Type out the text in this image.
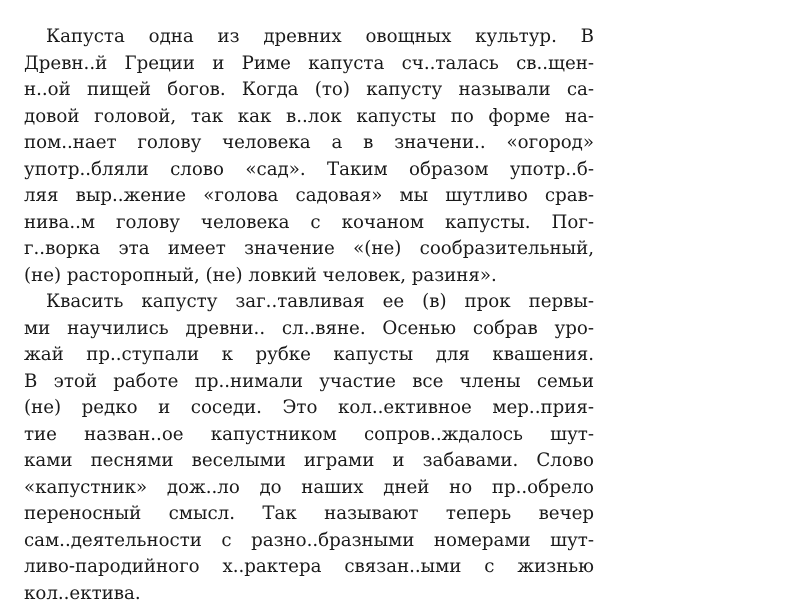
Капуста одна из древних овощных культур. В
Древн..й Греции и Риме капуста сч..талась св..щен-
н..ой пищей богов. Когда (то) капусту называли са-
довой головой, так как в..лок капусты по форме на-
пом..нает голову человека а в значени.. «огород»
употр..бляли слово «сад». Таким образом употр..б-
ляя выр..жение «голова садовая» мы шутливо срав-
нива..м голову человека с кочаном капусты. Пог-
г..ворка эта имеет значение «(не) сообразительный,
(не) расторопный, (не) ловкий человек, разиня».
Квасить капусту заг..тавливая ее (в) прок первы-
ми научились древни.. сл..вяне. Осенью собрав уро-
жай пр..ступали к рубке капусты для квашения.
В этой работе пр..нимали участие все члены семьи
(не) редко и соседи. Это кол..ективное мер..прия-
тие назван..ое капустником сопров..ждалось шут-
ками песнями веселыми играми и забавами. Слово
«капустник» дож..ло до наших дней но пр..обрело
переносный смысл. Так называют теперь вечер
сам..деятельности с разно..бразными номерами шут-
ливо-пародийного х..рактера связан..ыми с жизнью
кол..ектива.
